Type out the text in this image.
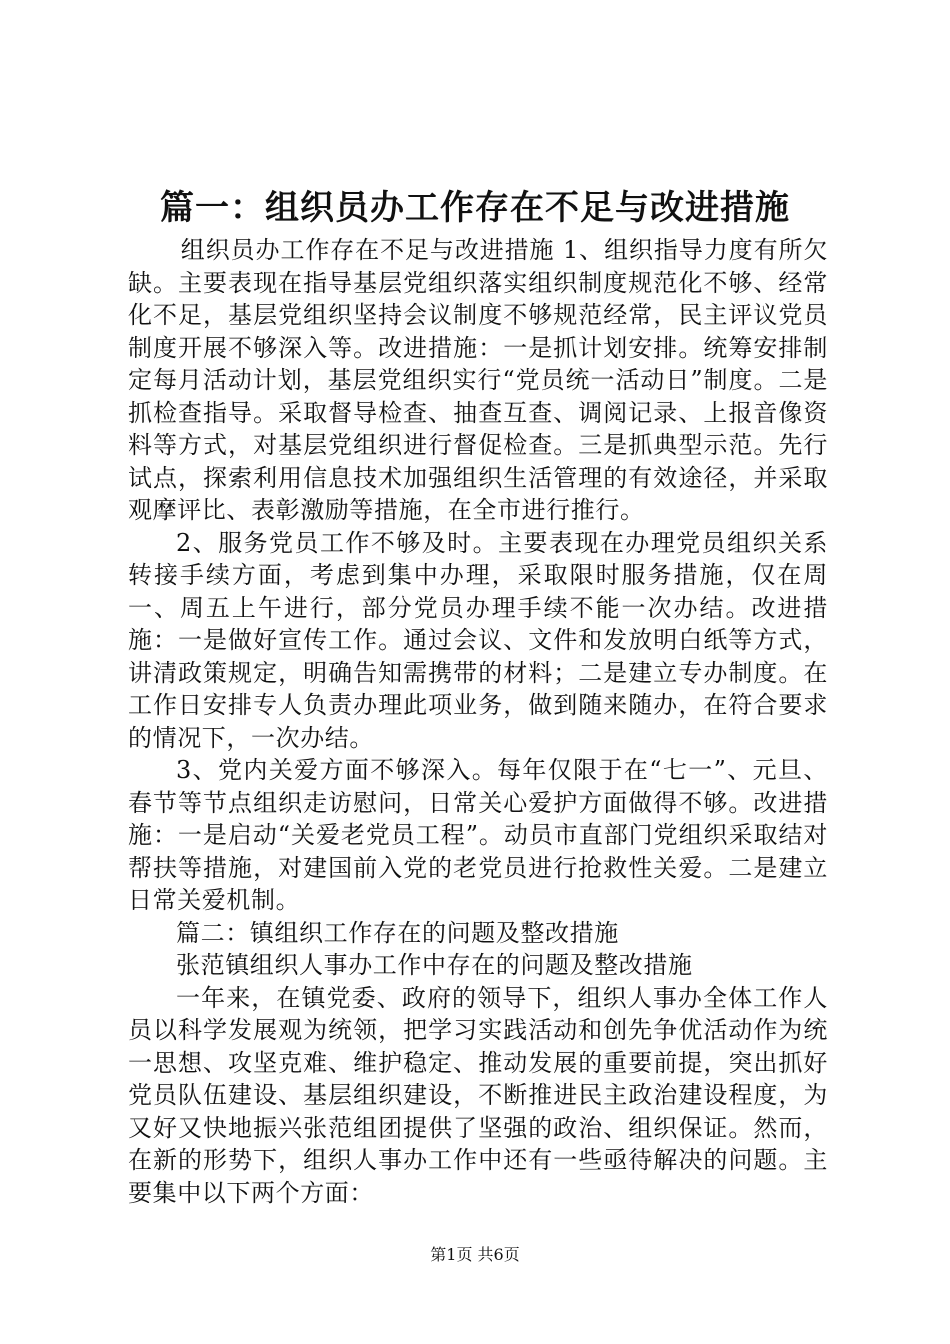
篇一：组织员办工作存在不足与改进措施

组织员办工作存在不足与改进措施 1、组织指导力度有所欠缺。主要表现在指导基层党组织落实组织制度规范化不够、经常化不足，基层党组织坚持会议制度不够规范经常，民主评议党员制度开展不够深入等。改进措施：一是抓计划安排。统筹安排制定每月活动计划，基层党组织实行“党员统一活动日”制度。二是抓检查指导。采取督导检查、抽查互查、调阅记录、上报音像资料等方式，对基层党组织进行督促检查。三是抓典型示范。先行试点，探索利用信息技术加强组织生活管理的有效途径，并采取观摩评比、表彰激励等措施，在全市进行推行。

2、服务党员工作不够及时。主要表现在办理党员组织关系转接手续方面，考虑到集中办理，采取限时服务措施，仅在周一、周五上午进行，部分党员办理手续不能一次办结。改进措施：一是做好宣传工作。通过会议、文件和发放明白纸等方式，讲清政策规定，明确告知需携带的材料；二是建立专办制度。在工作日安排专人负责办理此项业务，做到随来随办，在符合要求的情况下，一次办结。

3、党内关爱方面不够深入。每年仅限于在“七一”、元旦、春节等节点组织走访慰问，日常关心爱护方面做得不够。改进措施：一是启动“关爱老党员工程”。动员市直部门党组织采取结对帮扶等措施，对建国前入党的老党员进行抢救性关爱。二是建立日常关爱机制。

篇二：镇组织工作存在的问题及整改措施

张范镇组织人事办工作中存在的问题及整改措施

一年来，在镇党委、政府的领导下，组织人事办全体工作人员以科学发展观为统领，把学习实践活动和创先争优活动作为统一思想、攻坚克难、维护稳定、推动发展的重要前提，突出抓好党员队伍建设、基层组织建设，不断推进民主政治建设程度，为又好又快地振兴张范组团提供了坚强的政治、组织保证。然而，在新的形势下，组织人事办工作中还有一些亟待解决的问题。主要集中以下两个方面：

第1页 共6页
